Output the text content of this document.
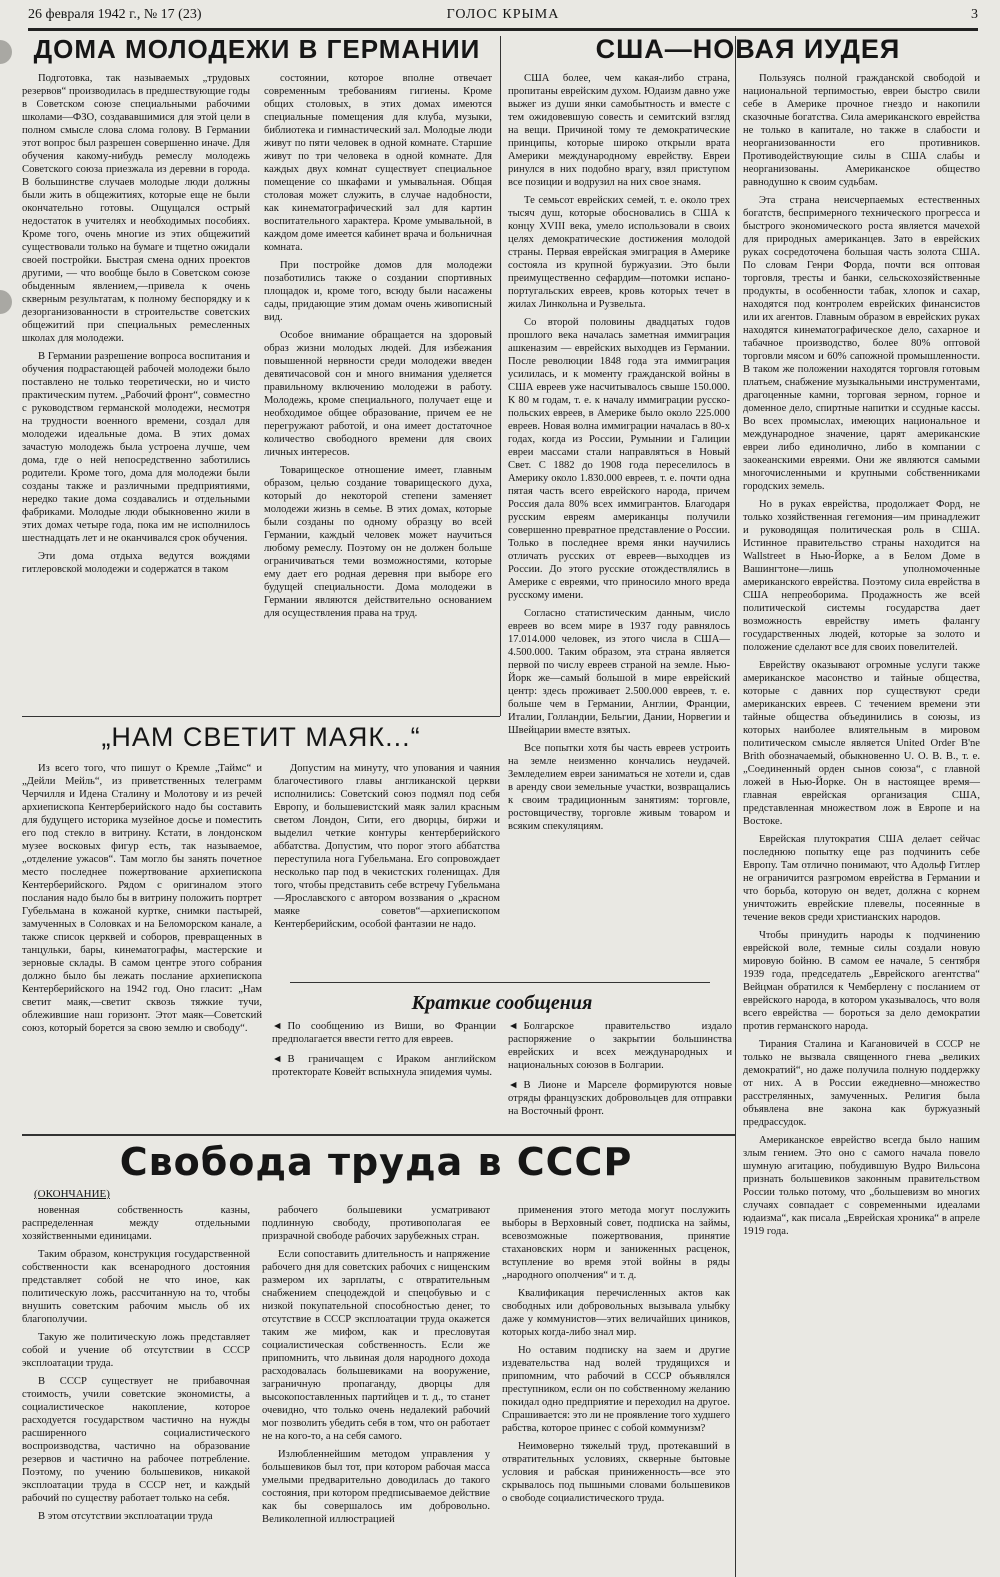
26 февраля 1942 г., № 17 (23)	ГОЛОС КРЫМА	3
ДОМА МОЛОДЕЖИ В ГЕРМАНИИ

Подготовка, так называемых „трудовых резервов“ производилась в предшествующие годы в Советском союзе специальными рабочими школами—ФЗО, создававшимися для этой цели в полном смысле слова слома голову. В Германии этот вопрос был разрешен совершенно иначе. Для обучения какому-нибудь ремеслу молодежь Советского союза приезжала из деревни в города. В большинстве случаев молодые люди должны были жить в общежитиях, которые еще не были окончательно готовы. Ощущался острый недостаток в учителях и необходимых пособиях. Кроме того, очень многие из этих общежитий существовали только на бумаге и тщетно ожидали своей постройки. Быстрая смена одних проектов другими, — что вообще было в Советском союзе обыденным явлением,—привела к очень скверным результатам, к полному беспорядку и к дезорганизованности в строительстве советских общежитий при специальных ремесленных школах для молодежи.

В Германии разрешение вопроса воспитания и обучения подрастающей рабочей молодежи было поставлено не только теоретически, но и чисто практическим путем. „Рабочий фронт“, совместно с руководством германской молодежи, несмотря на трудности военного времени, создал для молодежи идеальные дома. В этих домах зачастую молодежь была устроена лучше, чем дома, где о ней непосредственно заботились родители. Кроме того, дома для молодежи были созданы также и различными предприятиями, нередко такие дома создавались и отдельными фабриками. Молодые люди обыкновенно жили в этих домах четыре года, пока им не исполнилось шестнадцать лет и не оканчивался срок обучения.

Эти дома отдыха ведутся вождями гитлеровской молодежи и содержатся в таком

состоянии, которое вполне отвечает современным требованиям гигиены. Кроме общих столовых, в этих домах имеются специальные помещения для клуба, музыки, библиотека и гимнастический зал. Молодые люди живут по пяти человек в одной комнате. Старшие живут по три человека в одной комнате. Для каждых двух комнат существует специальное помещение со шкафами и умывальная. Общая столовая может служить, в случае надобности, как кинематографический зал для картин воспитательного характера. Кроме умывальной, в каждом доме имеется кабинет врача и больничная комната.

При постройке домов для молодежи позаботились также о создании спортивных площадок и, кроме того, всюду были насажены сады, придающие этим домам очень живописный вид.

Особое внимание обращается на здоровый образ жизни молодых людей. Для избежания повышенной нервности среди молодежи введен девятичасовой сон и много внимания уделяется правильному включению молодежи в работу. Молодежь, кроме специального, получает еще и необходимое общее образование, причем ее не перегружают работой, и она имеет достаточное количество свободного времени для своих личных интересов.

Товарищеское отношение имеет, главным образом, целью создание товарищеского духа, который до некоторой степени заменяет молодежи жизнь в семье. В этих домах, которые были созданы по одному образцу во всей Германии, каждый человек может научиться любому ремеслу. Поэтому он не должен больше ограничиваться теми возможностями, которые ему дает его родная деревня при выборе его будущей специальности. Дома молодежи в Германии являются действительно основанием для осуществления права на труд.

США—НОВАЯ ИУДЕЯ

США более, чем какая-либо страна, пропитаны еврейским духом. Юдаизм давно уже выжег из души янки самобытность и вместе с тем ожидовевшую совесть и семитский взгляд на вещи. Причиной тому те демократические принципы, которые широко открыли врата Америки международному еврейству. Евреи ринулся в них подобно врагу, взял приступом все позиции и водрузил на них свое знамя.

Те семьсот еврейских семей, т. е. около трех тысяч душ, которые обосновались в США к концу XVIII века, умело использовали в своих целях демократические достижения молодой страны. Первая еврейская эмиграция в Америке состояла из крупной буржуазии. Это были преимущественно сефардим—потомки испано-португальских евреев, кровь которых течет в жилах Линкольна и Рузвельта.

Со второй половины двадцатых годов прошлого века началась заметная иммиграция ашкеназим — еврейских выходцев из Германии. После революции 1848 года эта иммиграция усилилась, и к моменту гражданской войны в США евреев уже насчитывалось свыше 150.000. К 80 м годам, т. е. к началу иммиграции русско-польских евреев, в Америке было около 225.000 евреев. Новая волна иммиграции началась в 80-х годах, когда из России, Румынии и Галиции евреи массами стали направляться в Новый Свет. С 1882 до 1908 года переселилось в Америку около 1.830.000 евреев, т. е. почти одна пятая часть всего еврейского народа, причем Россия дала 80% всех иммигрантов. Благодаря русским евреям американцы получили совершенно превратное представление о России. Только в последнее время янки научились отличать русских от евреев—выходцев из России. До этого русские отождествлялись в Америке с евреями, что приносило много вреда русскому имени.

Согласно статистическим данным, число евреев во всем мире в 1937 году равнялось 17.014.000 человек, из этого числа в США—4.500.000. Таким образом, эта страна является первой по числу евреев страной на земле. Нью-Йорк же—самый большой в мире еврейский центр: здесь проживает 2.500.000 евреев, т. е. больше чем в Германии, Англии, Франции, Италии, Голландии, Бельгии, Дании, Норвегии и Швейцарии вместе взятых.

Все попытки хотя бы часть евреев устроить на земле неизменно кончались неудачей. Земледелием евреи заниматься не хотели и, сдав в аренду свои земельные участки, возвращались к своим традиционным занятиям: торговле, ростовщичеству, торговле живым товаром и всяким спекуляциям.

Пользуясь полной гражданской свободой и национальной терпимостью, евреи быстро свили себе в Америке прочное гнездо и накопили сказочные богатства. Сила американского еврейства не только в капитале, но также в слабости и неорганизованности его противников. Противодействующие силы в США слабы и неорганизованы. Американское общество равнодушно к своим судьбам.

Эта страна неисчерпаемых естественных богатств, беспримерного технического прогресса и быстрого экономического роста является мачехой для природных американцев. Зато в еврейских руках сосредоточена большая часть золота США. По словам Генри Форда, почти вся оптовая торговля, тресты и банки, сельскохозяйственные продукты, в особенности табак, хлопок и сахар, находятся под контролем еврейских финансистов или их агентов. Главным образом в еврейских руках находятся кинематографическое дело, сахарное и табачное производство, более 80% оптовой торговли мясом и 60% сапожной промышленности. В таком же положении находятся торговля готовым платьем, снабжение музыкальными инструментами, драгоценные камни, торговая зерном, горное и доменное дело, спиртные напитки и ссудные кассы. Во всех промыслах, имеющих национальное и международное значение, царят американские евреи либо единолично, либо в компании с заокеанскими евреями. Они же являются самыми многочисленными и крупными собственниками городских земель.

Но в руках еврейства, продолжает Форд, не только хозяйственная гегемония—им принадлежит и руководящая политическая роль в США. Истинное правительство страны находится на Wallstreet в Нью-Йорке, а в Белом Доме в Вашингтоне—лишь уполномоченные американского еврейства. Поэтому сила еврейства в США непреоборима. Продажность же всей политической системы государства дает возможность еврейству иметь фалангу государственных людей, которые за золото и положение сделают все для своих повелителей.

Еврейству оказывают огромные услуги также американское масонство и тайные общества, которые с давних пор существуют среди американских евреев. С течением времени эти тайные общества объединились в союзы, из которых наиболее влиятельным в мировом политическом смысле является United Order B'ne Brith обозначаемый, обыкновенно U. O. B. B., т. е. „Соединенный орден сынов союза“, с главной ложей в Нью-Йорке. Он в настоящее время—главная еврейская организация США, представленная множеством лож в Европе и на Востоке.

Еврейская плутократия США делает сейчас последнюю попытку еще раз подчинить себе Европу. Там отлично понимают, что Адольф Гитлер не ограничится разгромом еврейства в Германии и что борьба, которую он ведет, должна с корнем уничтожить еврейские плевелы, посеянные в течение веков среди христианских народов.

Чтобы принудить народы к подчинению еврейской воле, темные силы создали новую мировую бойню. В самом ее начале, 5 сентября 1939 года, председатель „Еврейского агентства“ Вейцман обратился к Чемберлену с посланием от еврейского народа, в котором указывалось, что воля всего еврейства — бороться за дело демократии против германского народа.

Тирания Сталина и Кагановичей в СССР не только не вызвала священного гнева „великих демократий“, но даже получила полную поддержку от них. А в России ежедневно—множество расстрелянных, замученных. Религия была объявлена вне закона как буржуазный предрассудок.

Американское еврейство всегда было нашим злым гением. Это оно с самого начала повело шумную агитацию, побудившую Вудро Вильсона признать большевиков законным правительством России только потому, что „большевизм во многих случаях совпадает с современными идеалами юдаизма“, как писала „Еврейская хроника“ в апреле 1919 года.

„НАМ СВЕТИТ МАЯК...“

Из всего того, что пишут о Кремле „Таймс“ и „Дейли Мейль“, из приветственных телеграмм Черчилля и Идена Сталину и Молотову и из речей архиепископа Кентерберийского надо бы составить для будущего историка музейное досье и поместить его под стекло в витрину. Кстати, в лондонском музее восковых фигур есть, так называемое, „отделение ужасов“. Там могло бы занять почетное место последнее пожертвование архиепископа Кентерберийского. Рядом с оригиналом этого послания надо было бы в витрину положить портрет Губельмана в кожаной куртке, снимки пастырей, замученных в Соловках и на Беломорском канале, а также список церквей и соборов, превращенных в танцульки, бары, кинематографы, мастерские и зерновые склады. В самом центре этого собрания должно было бы лежать послание архиепископа Кентерберийского на 1942 год. Оно гласит: „Нам светит маяк,—светит сквозь тяжкие тучи, облежившие наш горизонт. Этот маяк—Советский союз, который борется за свою землю и свободу“.

Допустим на минуту, что упования и чаяния благочестивого главы англиканской церкви исполнились: Советский союз подмял под себя Европу, и большевистский маяк залил красным светом Лондон, Сити, его дворцы, биржи и выделил четкие контуры кентерберийского аббатства. Допустим, что порог этого аббатства переступила нога Губельмана. Его сопровождает несколько пар под в чекистских голенищах. Для того, чтобы представить себе встречу Губельмана—Ярославского с автором воззвания о „красном маяке советов“—архиепископом Кентерберийским, особой фантазии не надо.

Краткие сообщения
◄ По сообщению из Виши, во Франции предполагается ввести гетто для евреев.
◄ В граничащем с Ираком английском протекторате Ковейт вспыхнула эпидемия чумы.
◄ Болгарское правительство издало распоряжение о закрытии большинства еврейских и всех международных и национальных союзов в Болгарии.
◄ В Лионе и Марселе формируются новые отряды французских добровольцев для отправки на Восточный фронт.
Свобода труда в СССР
(ОКОНЧАНИЕ)

новенная собственность казны, распределенная между отдельными хозяйственными единицами.

Таким образом, конструкция государственной собственности как всенародного достояния представляет собой не что иное, как политическую ложь, рассчитанную на то, чтобы внушить советским рабочим мысль об их благополучии.

Такую же политическую ложь представляет собой и учение об отсутствии в СССР эксплоатации труда.

В СССР существует не прибавочная стоимость, учили советские экономисты, а социалистическое накопление, которое расходуется государством частично на нужды расширенного социалистического воспроизводства, частично на образование резервов и частично на рабочее потребление. Поэтому, по учению большевиков, никакой эксплоатации труда в СССР нет, и каждый рабочий по существу работает только на себя.

В этом отсутствии эксплоатации труда

рабочего большевики усматривают подлинную свободу, противополагая ее призрачной свободе рабочих зарубежных стран.

Если сопоставить длительность и напряжение рабочего дня для советских рабочих с нищенским размером их зарплаты, с отвратительным снабжением спецодеждой и спецобувью и с низкой покупательной способностью денег, то отсутствие в СССР эксплоатации труда окажется таким же мифом, как и пресловутая социалистическая собственность. Если же припомнить, что львиная доля народного дохода расходовалась большевиками на вооружение, заграничную пропаганду, дворцы для высокопоставленных партийцев и т. д., то станет очевидно, что только очень недалекий рабочий мог позволить убедить себя в том, что он работает не на кого-то, а на себя самого.

Излюбленнейшим методом управления у большевиков был тот, при котором рабочая масса умелыми предварительно доводилась до такого состояния, при котором предписываемое действие как бы совершалось им добровольно. Великолепной иллюстрацией

применения этого метода могут послужить выборы в Верховный совет, подписка на займы, всевозможные пожертвования, принятие стахановских норм и заниженных расценок, вступление во время этой войны в ряды „народного ополчения“ и т. д.

Квалификация перечисленных актов как свободных или добровольных вызывала улыбку даже у коммунистов—этих величайших циников, которых когда-либо знал мир.

Но оставим подписку на заем и другие издевательства над волей трудящихся и припомним, что рабочий в СССР объявлялся преступником, если он по собственному желанию покидал одно предприятие и переходил на другое. Спрашивается: это ли не проявление того худшего рабства, которое принес с собой коммунизм?

Неимоверно тяжелый труд, протекавший в отвратительных условиях, скверные бытовые условия и рабская приниженность—все это скрывалось под пышными словами большевиков о свободе социалистического труда.
